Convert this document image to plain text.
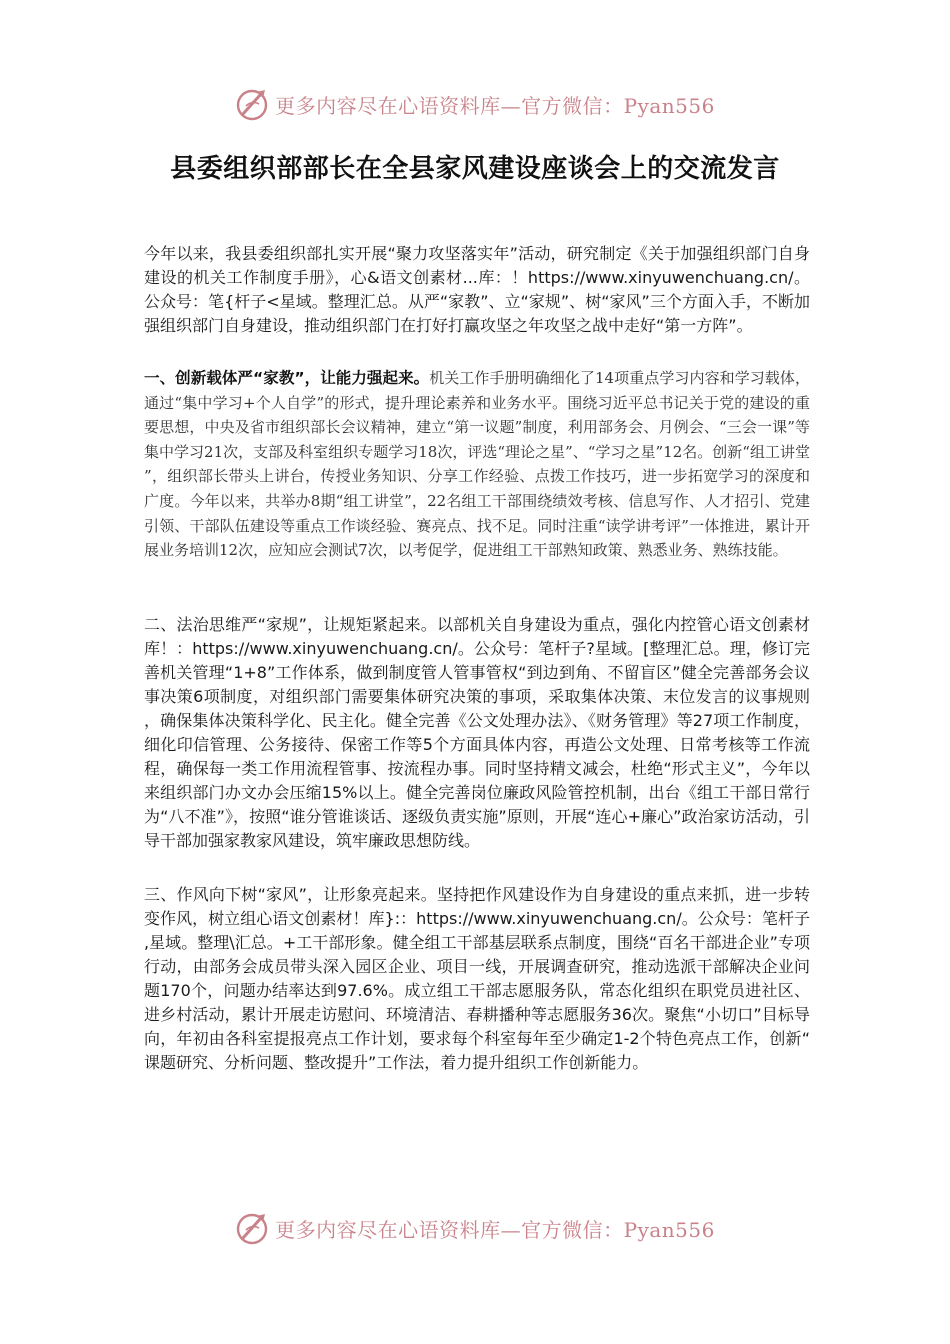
更多内容尽在心语资料库—官方微信：Pyan556
县委组织部部长在全县家风建设座谈会上的交流发言

今年以来，我县委组织部扎实开展“聚力攻坚落实年”活动，研究制定《关于加强组织部门自身建设的机关工作制度手册》，心&语文创素材...库：！https://www.xinyuwenchuang.cn/。公众号：笔{杆子<星域。整理汇总。从严“家教”、立“家规”、树“家风”三个方面入手，不断加强组织部门自身建设，推动组织部门在打好打赢攻坚之年攻坚之战中走好“第一方阵”。

一、创新载体严“家教”，让能力强起来。机关工作手册明确细化了14项重点学习内容和学习载体，通过“集中学习+个人自学”的形式，提升理论素养和业务水平。围绕习近平总书记关于党的建设的重要思想，中央及省市组织部长会议精神，建立“第一议题”制度，利用部务会、月例会、“三会一课”等集中学习21次，支部及科室组织专题学习18次，评选“理论之星”、“学习之星”12名。创新“组工讲堂”，组织部长带头上讲台，传授业务知识、分享工作经验、点拨工作技巧，进一步拓宽学习的深度和广度。今年以来，共举办8期“组工讲堂”，22名组工干部围绕绩效考核、信息写作、人才招引、党建引领、干部队伍建设等重点工作谈经验、赛亮点、找不足。同时注重“读学讲考评”一体推进，累计开展业务培训12次，应知应会测试7次，以考促学，促进组工干部熟知政策、熟悉业务、熟练技能。

二、法治思维严“家规”，让规矩紧起来。以部机关自身建设为重点，强化内控管心语文创素材库！：https://www.xinyuwenchuang.cn/。公众号：笔杆子?星域。[整理汇总。理，修订完善机关管理“1+8”工作体系，做到制度管人管事管权“到边到角、不留盲区”健全完善部务会议事决策6项制度，对组织部门需要集体研究决策的事项，采取集体决策、末位发言的议事规则，确保集体决策科学化、民主化。健全完善《公文处理办法》、《财务管理》等27项工作制度，细化印信管理、公务接待、保密工作等5个方面具体内容，再造公文处理、日常考核等工作流程，确保每一类工作用流程管事、按流程办事。同时坚持精文减会，杜绝“形式主义”，今年以来组织部门办文办会压缩15%以上。健全完善岗位廉政风险管控机制，出台《组工干部日常行为“八不准”》，按照“谁分管谁谈话、逐级负责实施”原则，开展“连心+廉心”政治家访活动，引导干部加强家教家风建设，筑牢廉政思想防线。

三、作风向下树“家风”，让形象亮起来。坚持把作风建设作为自身建设的重点来抓，进一步转变作风，树立组心语文创素材！库}:：https://www.xinyuwenchuang.cn/。公众号：笔杆子,星域。整理\汇总。+工干部形象。健全组工干部基层联系点制度，围绕“百名干部进企业”专项行动，由部务会成员带头深入园区企业、项目一线，开展调查研究，推动选派干部解决企业问题170个，问题办结率达到97.6%。成立组工干部志愿服务队，常态化组织在职党员进社区、进乡村活动，累计开展走访慰问、环境清洁、春耕播种等志愿服务36次。聚焦“小切口”目标导向，年初由各科室提报亮点工作计划，要求每个科室每年至少确定1-2个特色亮点工作，创新“课题研究、分析问题、整改提升”工作法，着力提升组织工作创新能力。

更多内容尽在心语资料库—官方微信：Pyan556
